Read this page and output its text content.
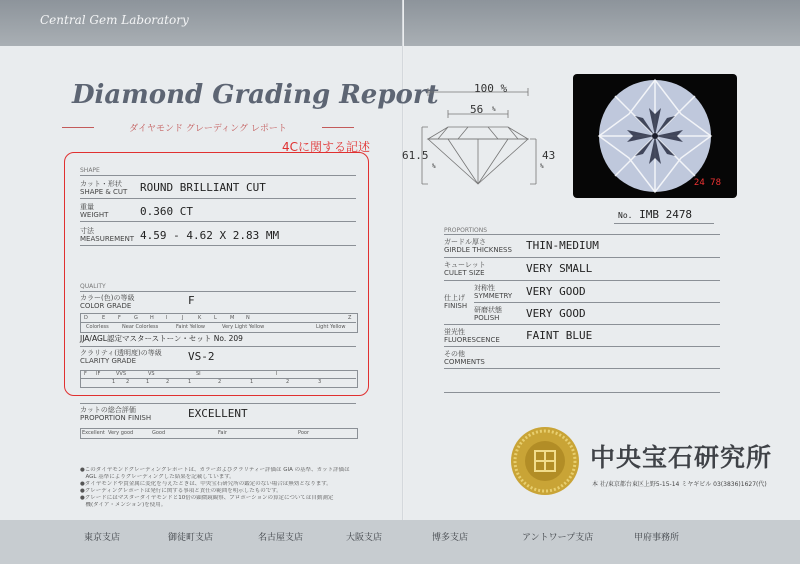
Central Gem Laboratory
Diamond Grading Report
ダイヤモンド グレーディング レポート
4Cに関する記述
SHAPE
カット・形状
SHAPE & CUT ROUND BRILLIANT CUT
重量
WEIGHT	0.360 CT
寸法
MEASUREMENT 4.59 - 4.62 X 2.83 MM
QUALITY
カラー(色)の等級
COLOR GRADE	F
D	E	F	G H I	J	K	L	M N	Z
Colorless	Near Colorless	Faint Yellow	Very Light Yellow	Light Yellow
JJA/AGL認定マスターストーン・セット No. 209
クラリティ(透明度)の等級
CLARITY GRADE	VS-2
F IF	VVS	VS	SI	I
1 2	1	2	1	2	1	2	3
カットの総合評価
PROPORTION FINISH	EXCELLENT
Excellent Very good	Good	Fair	Poor
●このダイヤモンドグレーディングレポートは、カラーおよびクラリティー評価は GIA の基準、カット評価は
　AGL 基準によりグレーディングした結果を記載しています。
●ダイヤモンドや貴金属に変化を与えたときは、中央宝石研究所の鑑定のない場合は無効となります。
●グレーディングレポートは発行に関する事項と責任の範囲を明示したものです。
●グレードにはマスターダイヤモンドと10倍の顕微鏡観察、プロポーションの算定については自動測定
　機(ダイア・メンション)を使用。
100 %
56 %
61.5
%
43
%
24 78
No. IMB 2478
PROPORTIONS
ガードル厚さ
GIRDLE THICKNESS THIN-MEDIUM
キューレット
CULET SIZE	VERY SMALL
仕上げ
FINISH
対称性
SYMMETRY VERY GOOD
研磨状態
POLISH VERY GOOD
蛍光性
FLUORESCENCE FAINT BLUE
その他
COMMENTS
中央宝石研究所
本 社/東京都台東区上野5-15-14 ミヤギビル 03(3836)1627(代)
東京支店	御徒町支店	名古屋支店	大阪支店	博多支店	アントワープ支店	甲府事務所
